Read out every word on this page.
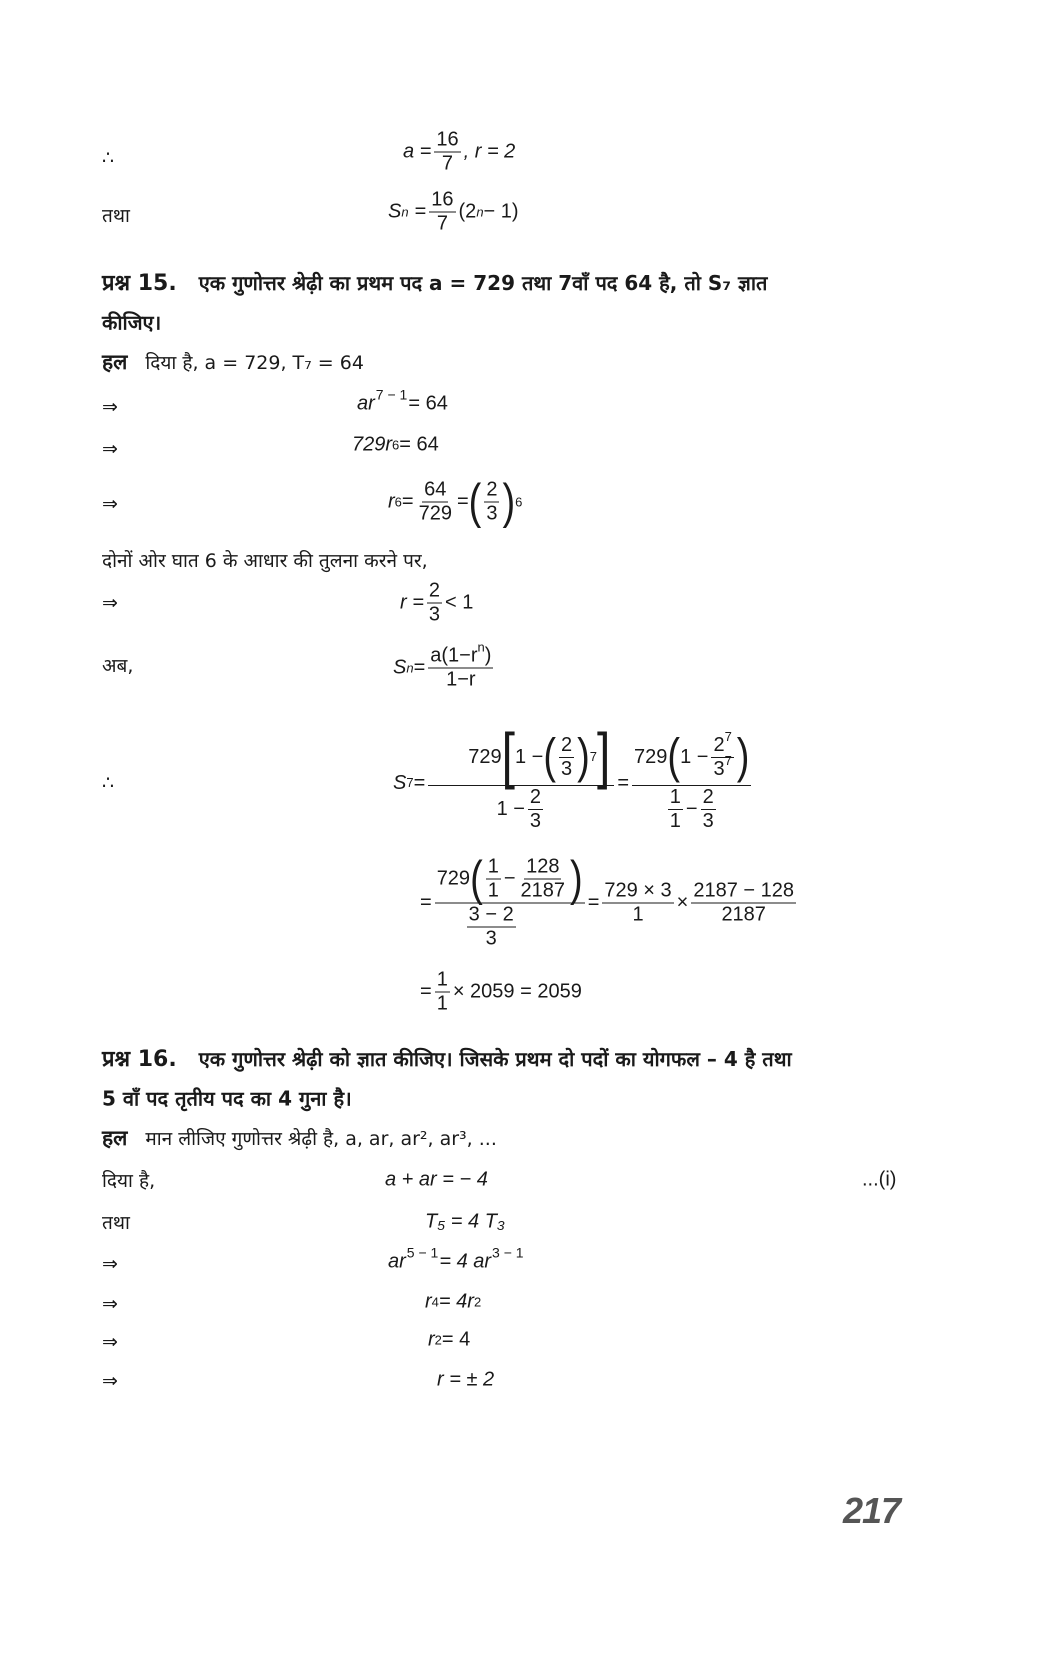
∴	$a = \frac{16}{7}$ , r = 2
तथा	S $n = \frac{16}{7} (2$ n − 1)
प्रश्न 15. एक गुणोत्तर श्रेढ़ी का प्रथम पद a = 729 तथा 7वाँ पद 64 है, तो S₇ ज्ञात
कीजिए।
हल दिया है, a = 729, T₇ = 64
⇒	ar 7 − 1 = 64
⇒	729r 6 = 64
⇒	r $6 = \frac{64}{729}$ = ( $\frac{2}{3}$ ) 6
दोनों ओर घात 6 के आधार की तुलना करने पर,
⇒	$r = \frac{2}{3} < 1$
अब,	S $n = \frac{a(1-r^n)}{1-r}$
∴	S $7 = \frac{729 [ 1 - ( \frac{2}{3} ) 7 ]}{1 - \frac{2}{3}} = \frac{729 ( 1 - \frac{2^7}{3^7} )}{\frac{1}{1} - \frac{2}{3}}$
= $\frac{729 ( \frac{1}{1} - \frac{128}{2187} )}{\frac{3 - 2}{3}} = \frac{729 \times 3}{1} \times \frac{2187 - 128}{2187}$
= $\frac{1}{1} \times 2059 = 2059$
प्रश्न 16. एक गुणोत्तर श्रेढ़ी को ज्ञात कीजिए। जिसके प्रथम दो पदों का योगफल – 4 है तथा
5 वाँ पद तृतीय पद का 4 गुना है।
हल मान लीजिए गुणोत्तर श्रेढ़ी है, a, ar, ar², ar³, ...
दिया है,	a + ar = − 4	...(i)
तथा	T₅ = 4 T₃
⇒	ar 5 − 1 = 4 ar 3 − 1
⇒	r 4 = 4r 2
⇒	r 2 = 4
⇒	r = ± 2
217
